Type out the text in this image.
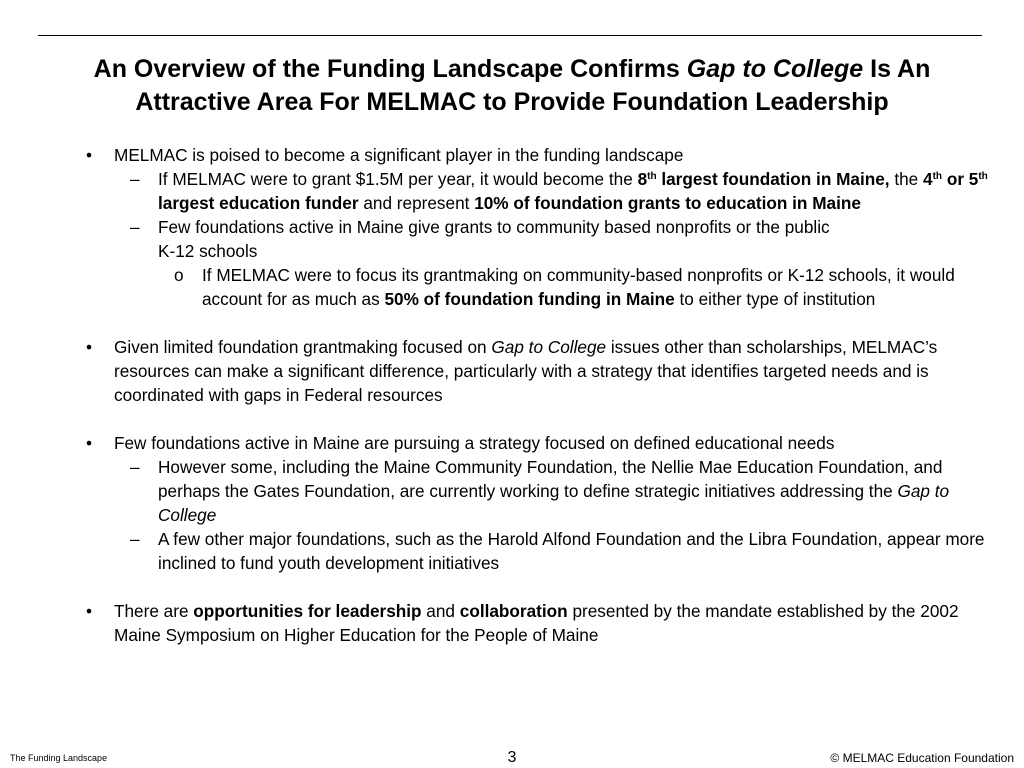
An Overview of the Funding Landscape Confirms Gap to College Is An
Attractive Area For MELMAC to Provide Foundation Leadership
• MELMAC is poised to become a significant player in the funding landscape
– If MELMAC were to grant $1.5M per year, it would become the 8th largest foundation in Maine, the 4th or 5th largest education funder and represent 10% of foundation grants to education in Maine
– Few foundations active in Maine give grants to community based nonprofits or the public
K-12 schools
o If MELMAC were to focus its grantmaking on community-based nonprofits or K-12 schools, it would account for as much as 50% of foundation funding in Maine to either type of institution
• Given limited foundation grantmaking focused on Gap to College issues other than scholarships, MELMAC’s resources can make a significant difference, particularly with a strategy that identifies targeted needs and is coordinated with gaps in Federal resources
• Few foundations active in Maine are pursuing a strategy focused on defined educational needs
– However some, including the Maine Community Foundation, the Nellie Mae Education Foundation, and perhaps the Gates Foundation, are currently working to define strategic initiatives addressing the Gap to College
– A few other major foundations, such as the Harold Alfond Foundation and the Libra Foundation, appear more inclined to fund youth development initiatives
• There are opportunities for leadership and collaboration presented by the mandate established by the 2002 Maine Symposium on Higher Education for the People of Maine
The Funding Landscape	3	© MELMAC Education Foundation
